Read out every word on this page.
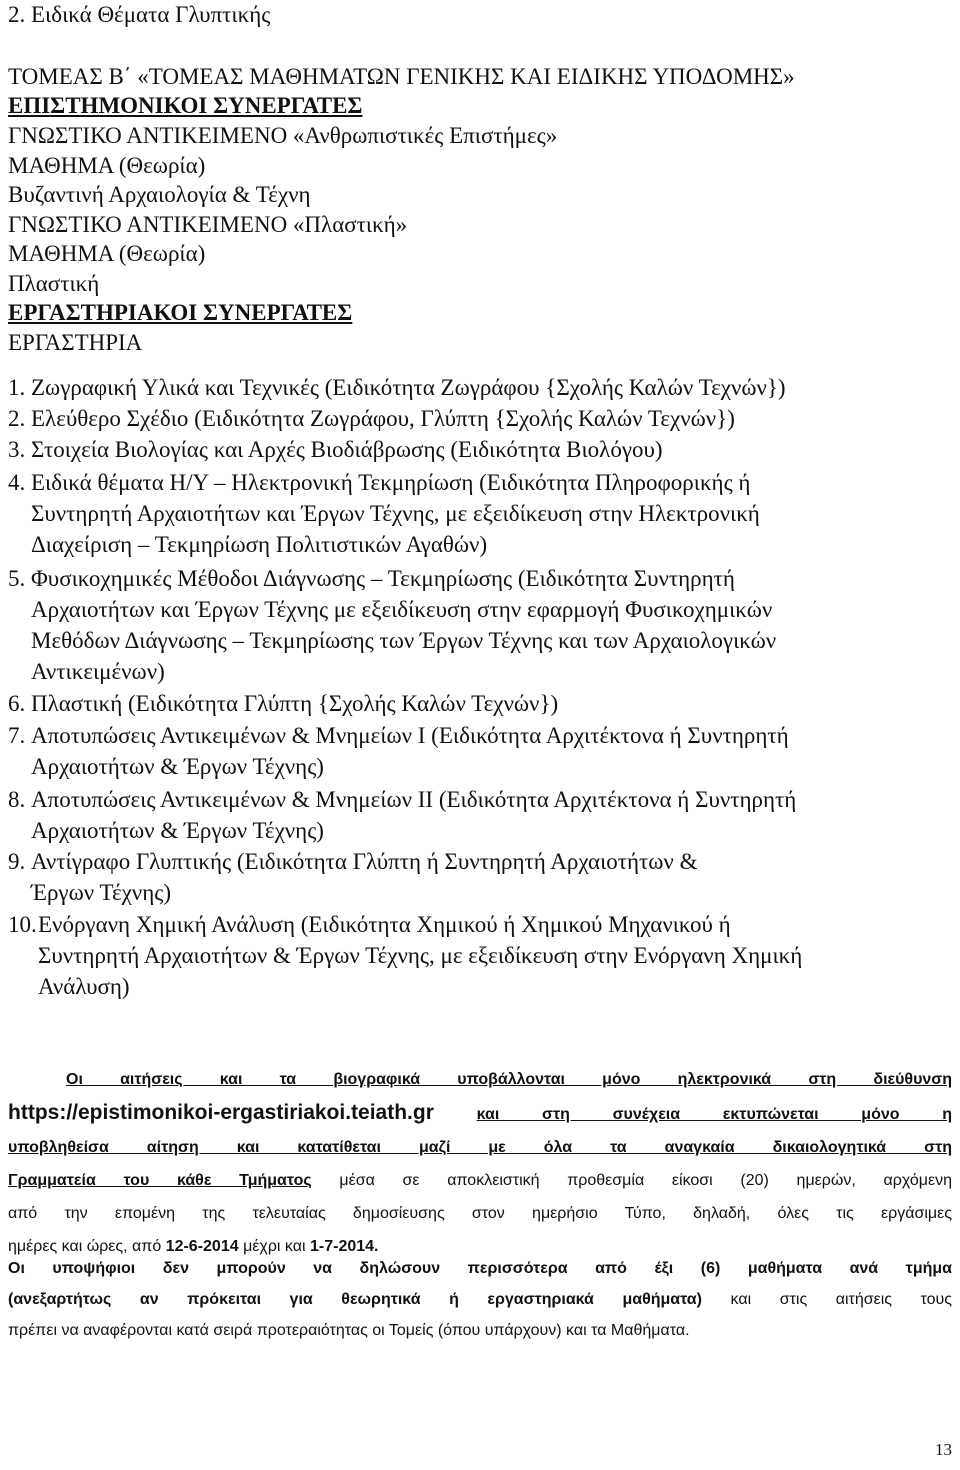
2. Ειδικά Θέματα Γλυπτικής
ΤΟΜΕΑΣ Β΄ «ΤΟΜΕΑΣ ΜΑΘΗΜΑΤΩΝ ΓΕΝΙΚΗΣ ΚΑΙ ΕΙΔΙΚΗΣ ΥΠΟΔΟΜΗΣ»
ΕΠΙΣΤΗΜΟΝΙΚΟΙ ΣΥΝΕΡΓΑΤΕΣ
ΓΝΩΣΤΙΚΟ ΑΝΤΙΚΕΙΜΕΝΟ «Ανθρωπιστικές Επιστήμες»
ΜΑΘΗΜΑ (Θεωρία)
Βυζαντινή Αρχαιολογία & Τέχνη
ΓΝΩΣΤΙΚΟ ΑΝΤΙΚΕΙΜΕΝΟ «Πλαστική»
ΜΑΘΗΜΑ (Θεωρία)
Πλαστική
ΕΡΓΑΣΤΗΡΙΑΚΟΙ ΣΥΝΕΡΓΑΤΕΣ
ΕΡΓΑΣΤΗΡΙΑ
1. Ζωγραφική Υλικά και Τεχνικές (Ειδικότητα Ζωγράφου {Σχολής Καλών Τεχνών})
2. Ελεύθερο Σχέδιο (Ειδικότητα Ζωγράφου, Γλύπτη {Σχολής Καλών Τεχνών})
3. Στοιχεία Βιολογίας και Αρχές Βιοδιάβρωσης (Ειδικότητα Βιολόγου)
4. Ειδικά θέματα Η/Υ – Ηλεκτρονική Τεκμηρίωση (Ειδικότητα Πληροφορικής ή
Συντηρητή Αρχαιοτήτων και Έργων Τέχνης, με εξειδίκευση στην Ηλεκτρονική
Διαχείριση – Τεκμηρίωση Πολιτιστικών Αγαθών)
5. Φυσικοχημικές Μέθοδοι Διάγνωσης – Τεκμηρίωσης (Ειδικότητα Συντηρητή
Αρχαιοτήτων και Έργων Τέχνης με εξειδίκευση στην εφαρμογή Φυσικοχημικών
Μεθόδων Διάγνωσης – Τεκμηρίωσης των Έργων Τέχνης και των Αρχαιολογικών
Αντικειμένων)
6. Πλαστική (Ειδικότητα Γλύπτη {Σχολής Καλών Τεχνών})
7. Αποτυπώσεις Αντικειμένων & Μνημείων Ι (Ειδικότητα Αρχιτέκτονα ή Συντηρητή
Αρχαιοτήτων & Έργων Τέχνης)
8. Αποτυπώσεις Αντικειμένων & Μνημείων ΙΙ (Ειδικότητα Αρχιτέκτονα ή Συντηρητή
Αρχαιοτήτων & Έργων Τέχνης)
9. Αντίγραφο Γλυπτικής (Ειδικότητα Γλύπτη ή Συντηρητή Αρχαιοτήτων &
Έργων Τέχνης)
10. Ενόργανη Χημική Ανάλυση (Ειδικότητα Χημικού ή Χημικού Μηχανικού ή
Συντηρητή Αρχαιοτήτων & Έργων Τέχνης, με εξειδίκευση στην Ενόργανη Χημική
Ανάλυση)
Οι αιτήσεις και τα βιογραφικά υποβάλλονται μόνο ηλεκτρονικά στη διεύθυνση
https://epistimonikoi-ergastiriakoi.teiath.gr	και στη συνέχεια εκτυπώνεται μόνο η
υποβληθείσα αίτηση και κατατίθεται μαζί με όλα τα αναγκαία δικαιολογητικά στη
Γραμματεία του κάθε Τμήματος μέσα σε αποκλειστική προθεσμία είκοσι (20) ημερών, αρχόμενη
από την επομένη της τελευταίας δημοσίευσης στον ημερήσιο Τύπο, δηλαδή, όλες τις εργάσιμες
ημέρες και ώρες, από 12-6-2014 μέχρι και 1-7-2014.
Οι υποψήφιοι δεν μπορούν να δηλώσουν περισσότερα από έξι (6) μαθήματα ανά τμήμα
(ανεξαρτήτως αν πρόκειται για θεωρητικά ή εργαστηριακά μαθήματα) και στις αιτήσεις τους
πρέπει να αναφέρονται κατά σειρά προτεραιότητας οι Τομείς (όπου υπάρχουν) και τα Μαθήματα.
13
